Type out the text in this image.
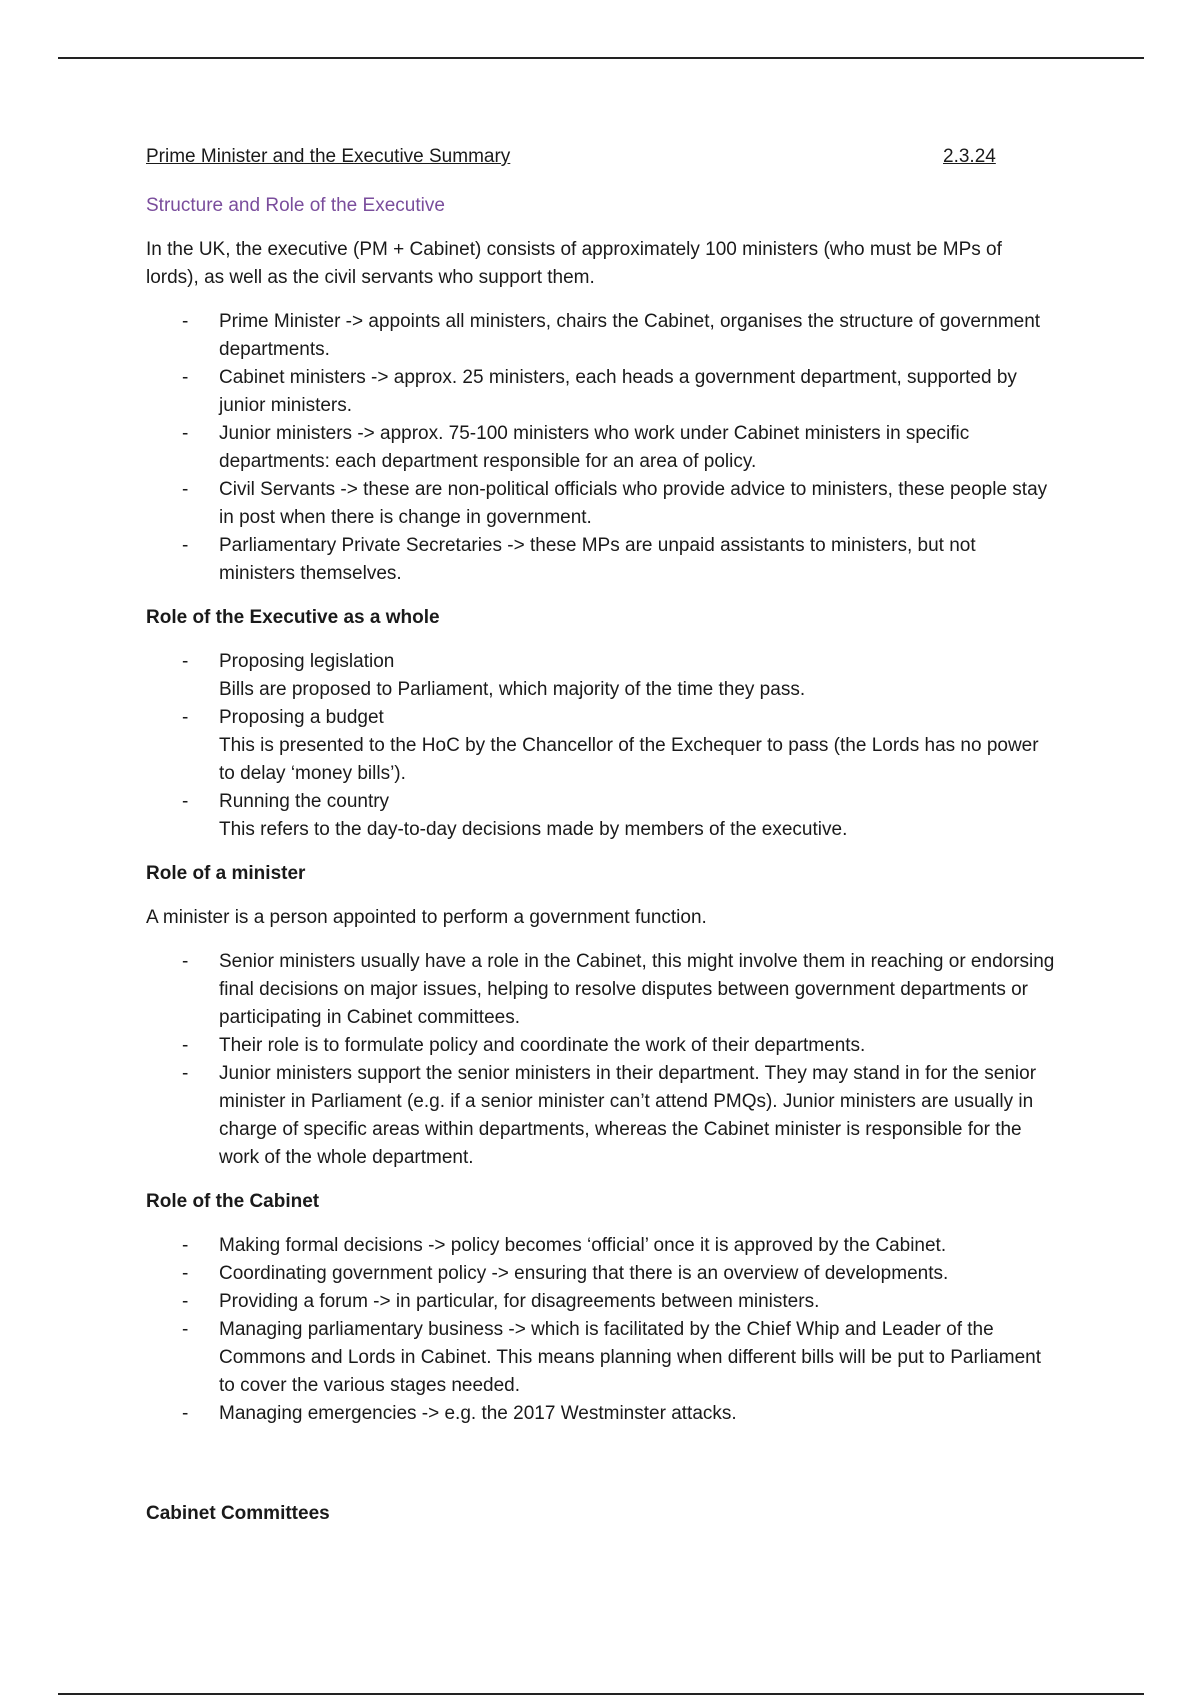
Prime Minister and the Executive Summary	2.3.24

Structure and Role of the Executive

In the UK, the executive (PM + Cabinet) consists of approximately 100 ministers (who must be MPs of lords), as well as the civil servants who support them.

- Prime Minister -> appoints all ministers, chairs the Cabinet, organises the structure of government departments.
- Cabinet ministers -> approx. 25 ministers, each heads a government department, supported by junior ministers.
- Junior ministers -> approx. 75-100 ministers who work under Cabinet ministers in specific departments: each department responsible for an area of policy.
- Civil Servants -> these are non-political officials who provide advice to ministers, these people stay in post when there is change in government.
- Parliamentary Private Secretaries -> these MPs are unpaid assistants to ministers, but not ministers themselves.

Role of the Executive as a whole

- Proposing legislation
Bills are proposed to Parliament, which majority of the time they pass.
- Proposing a budget
This is presented to the HoC by the Chancellor of the Exchequer to pass (the Lords has no power to delay ‘money bills’).
- Running the country
This refers to the day-to-day decisions made by members of the executive.

Role of a minister

A minister is a person appointed to perform a government function.

- Senior ministers usually have a role in the Cabinet, this might involve them in reaching or endorsing final decisions on major issues, helping to resolve disputes between government departments or participating in Cabinet committees.
- Their role is to formulate policy and coordinate the work of their departments.
- Junior ministers support the senior ministers in their department. They may stand in for the senior minister in Parliament (e.g. if a senior minister can’t attend PMQs). Junior ministers are usually in charge of specific areas within departments, whereas the Cabinet minister is responsible for the work of the whole department.

Role of the Cabinet

- Making formal decisions -> policy becomes ‘official’ once it is approved by the Cabinet.
- Coordinating government policy -> ensuring that there is an overview of developments.
- Providing a forum -> in particular, for disagreements between ministers.
- Managing parliamentary business -> which is facilitated by the Chief Whip and Leader of the Commons and Lords in Cabinet. This means planning when different bills will be put to Parliament to cover the various stages needed.
- Managing emergencies -> e.g. the 2017 Westminster attacks.

Cabinet Committees
